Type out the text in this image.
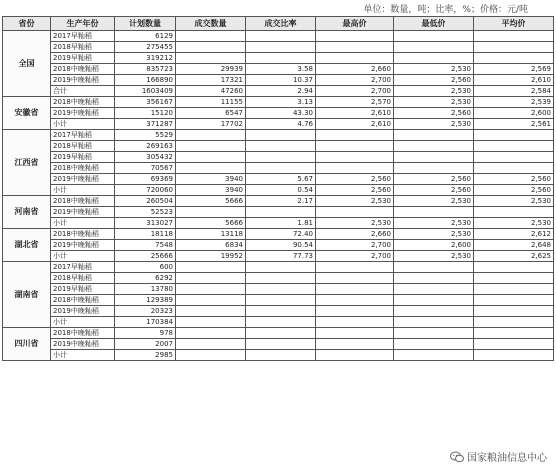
单位：数量，吨；比率，%；价格：元/吨
省份	生产年份	计划数量	成交数量	成交比率	最高价	最低价	平均价
全国	2017早籼稻	6129					
	2018早籼稻	275455					
	2019早籼稻	319212					
	2018中晚籼稻	835723	29939	3.58	2,660	2,530	2,569
	2019中晚籼稻	166890	17321	10.37	2,700	2,560	2,610
	合计	1603409	47260	2.94	2,700	2,530	2,584
安徽省	2018中晚籼稻	356167	11155	3.13	2,570	2,530	2,539
	2019中晚籼稻	15120	6547	43.30	2,610	2,560	2,600
	小计	371287	17702	4.76	2,610	2,530	2,561
江西省	2017早籼稻	5529					
	2018早籼稻	269163					
	2019早籼稻	305432					
	2018中晚籼稻	70567					
	2019中晚籼稻	69369	3940	5.67	2,560	2,560	2,560
	小计	720060	3940	0.54	2,560	2,560	2,560
河南省	2018中晚籼稻	260504	5666	2.17	2,530	2,530	2,530
	2019中晚籼稻	52523					
	小计	313027	5666	1.81	2,530	2,530	2,530
湖北省	2018中晚籼稻	18118	13118	72.40	2,660	2,530	2,612
	2019中晚籼稻	7548	6834	90.54	2,700	2,600	2,648
	小计	25666	19952	77.73	2,700	2,530	2,625
湖南省	2017早籼稻	600					
	2018早籼稻	6292					
	2019早籼稻	13780					
	2018中晚籼稻	129389					
	2019中晚籼稻	20323					
	小计	170384					
四川省	2018中晚籼稻	978					
	2019中晚籼稻	2007					
	小计	2985					
国家粮油信息中心
